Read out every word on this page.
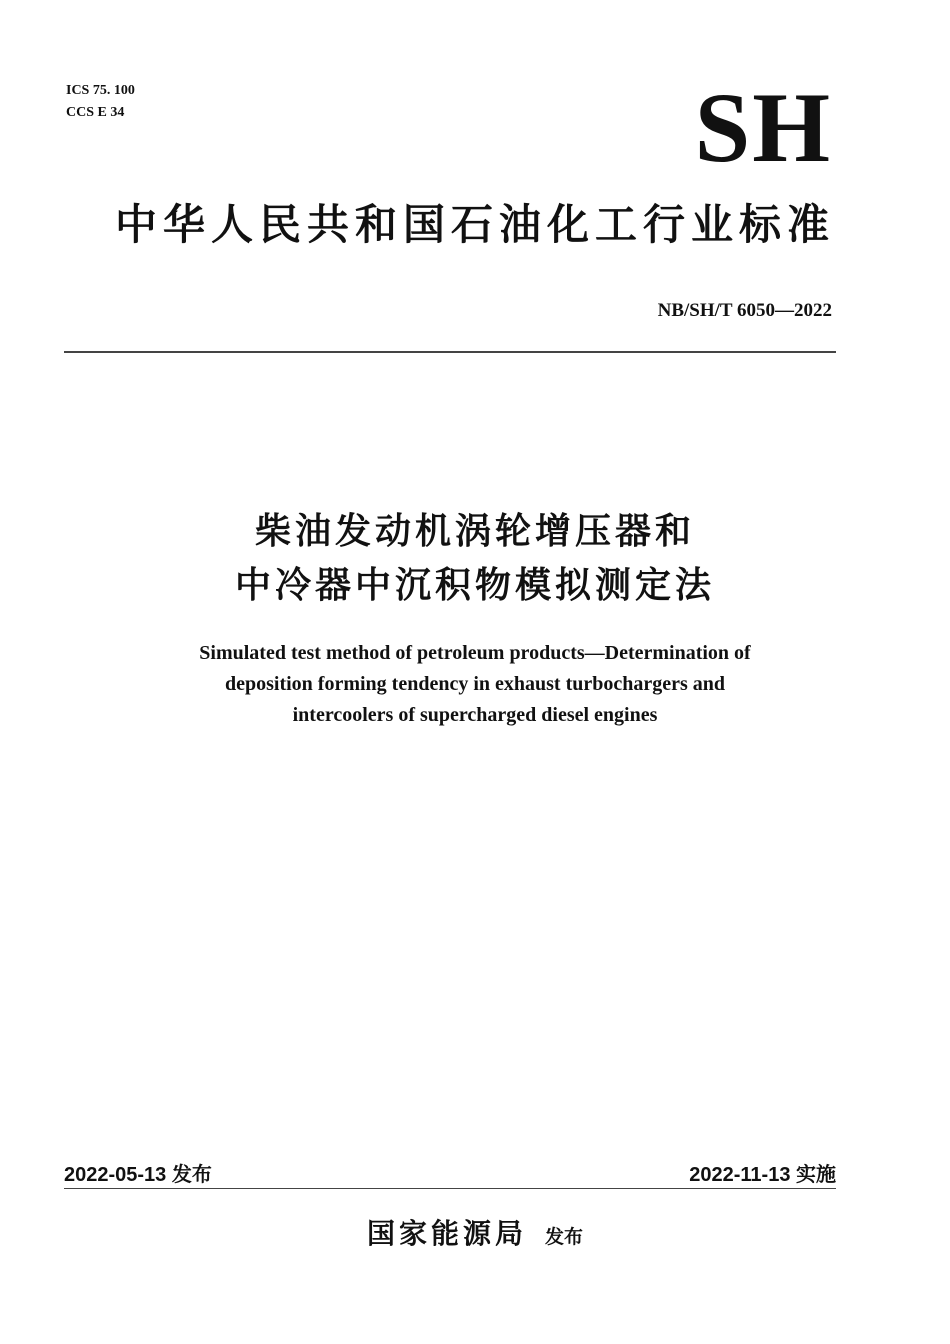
ICS 75. 100
CCS E 34	SH
中华人民共和国石油化工行业标准
NB/SH/T 6050—2022
柴油发动机涡轮增压器和
中冷器中沉积物模拟测定法
Simulated test method of petroleum products—Determination of
deposition forming tendency in exhaust turbochargers and
intercoolers of supercharged diesel engines
2022-05-13 发布	2022-11-13 实施
国家能源局 发布
